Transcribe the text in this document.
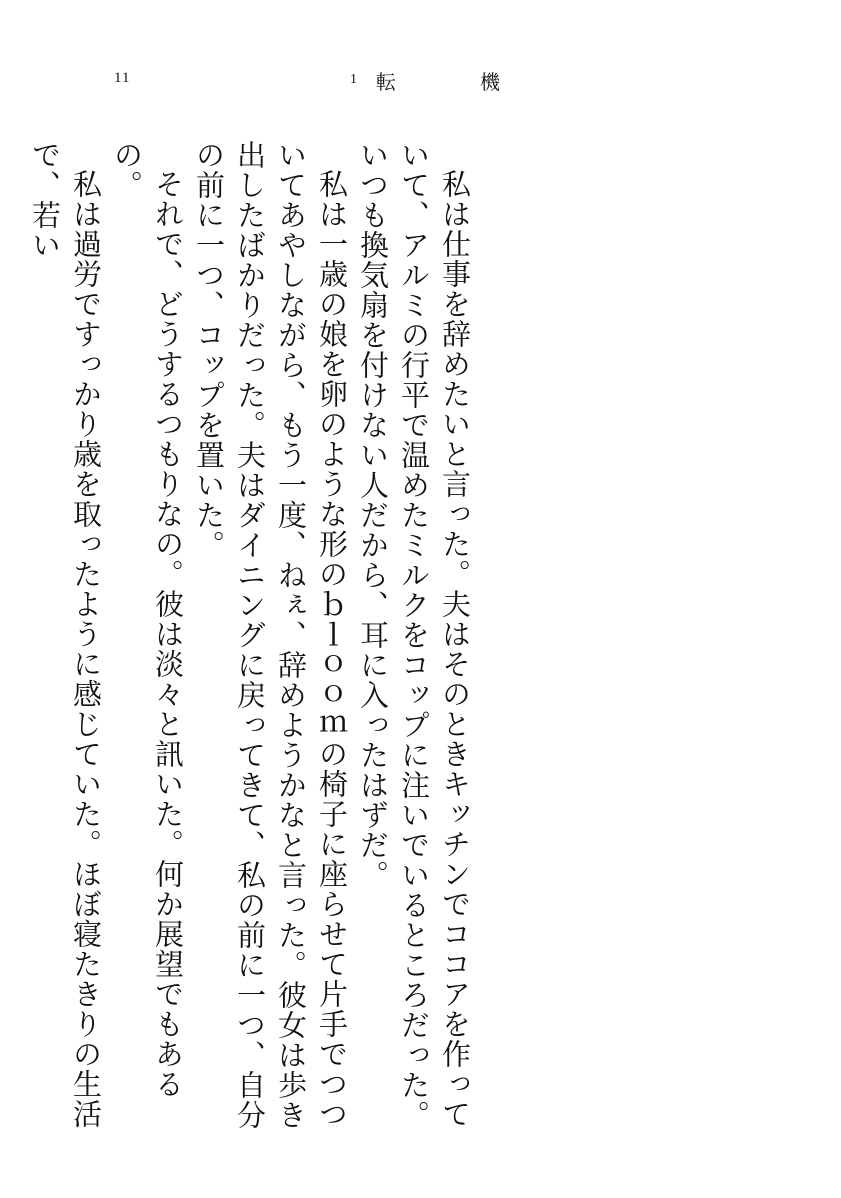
11	1 転機

私は仕事を辞めたいと言った。夫はそのときキッチンでココアを作っていて、アルミの行平で温めたミルクをコップに注いでいるところだった。いつも換気扇を付けない人だから、耳に入ったはずだ。

私は一歳の娘を卵のような形のｂｌｏｏｍの椅子に座らせて片手でつついてあやしながら、もう一度、ねぇ、辞めようかなと言った。彼女は歩き出したばかりだった。夫はダイニングに戻ってきて、私の前に一つ、自分の前に一つ、コップを置いた。

それで、どうするつもりなの。彼は淡々と訊いた。何か展望でもあるの。

私は過労ですっかり歳を取ったように感じていた。ほぼ寝たきりの生活で、若い
